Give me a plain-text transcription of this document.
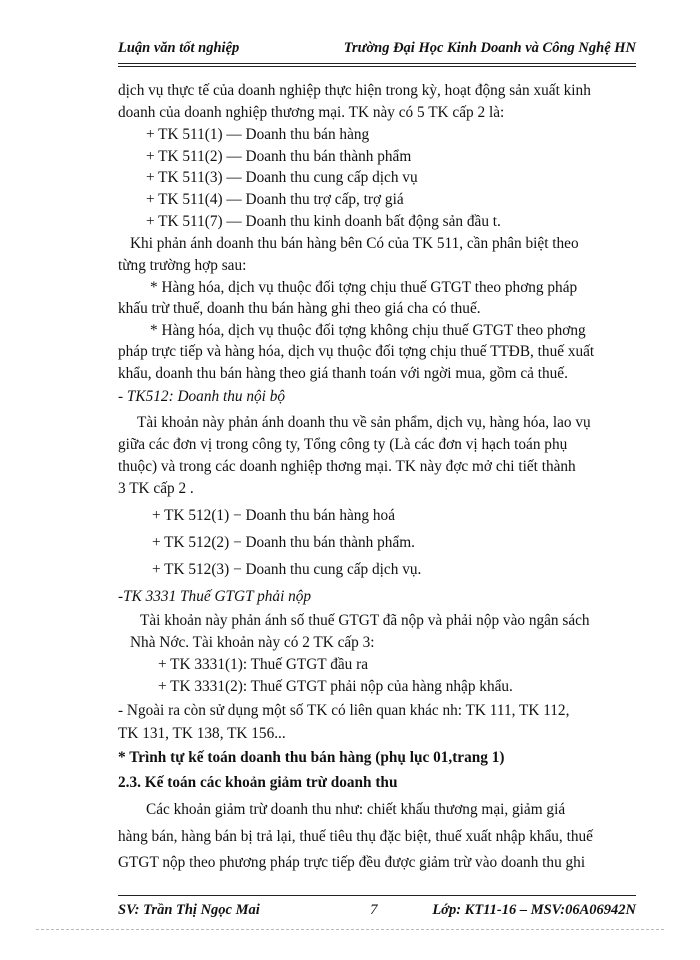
Luận văn tốt nghiệp	Trường Đại Học Kinh Doanh và Công Nghệ HN
dịch vụ thực tế của doanh nghiệp thực hiện trong kỳ, hoạt động sản xuất kinh
doanh của doanh nghiệp thương mại. TK này có 5 TK cấp 2 là:
+ TK 511(1) — Doanh thu bán hàng
+ TK 511(2) — Doanh thu bán thành phẩm
+ TK 511(3) — Doanh thu cung cấp dịch vụ
+ TK 511(4) — Doanh thu trợ cấp, trợ giá
+ TK 511(7) — Doanh thu kinh doanh bất động sản đầu t.
Khi phản ánh doanh thu bán hàng bên Có của TK 511, cần phân biệt theo
từng trường hợp sau:
* Hàng hóa, dịch vụ thuộc đối tợng chịu thuế GTGT theo phơng pháp
khấu trừ thuế, doanh thu bán hàng ghi theo giá cha có thuế.
* Hàng hóa, dịch vụ thuộc đối tợng không chịu thuế GTGT theo phơng
pháp trực tiếp và hàng hóa, dịch vụ thuộc đối tợng chịu thuế TTĐB, thuế xuất
khẩu, doanh thu bán hàng theo giá thanh toán với ngời mua, gồm cả thuế.
- TK512: Doanh thu nội bộ
Tài khoản này phản ánh doanh thu về sản phẩm, dịch vụ, hàng hóa, lao vụ
giữa các đơn vị trong công ty, Tổng công ty (Là các đơn vị hạch toán phụ
thuộc) và trong các doanh nghiệp thơng mại. TK này đợc mở chi tiết thành
3 TK cấp 2 .
+ TK 512(1) − Doanh thu bán hàng hoá
+ TK 512(2) − Doanh thu bán thành phẩm.
+ TK 512(3) − Doanh thu cung cấp dịch vụ.
-TK 3331 Thuế GTGT phải nộp
Tài khoản này phản ánh số thuế GTGT đã nộp và phải nộp vào ngân sách
Nhà Nớc. Tài khoản này có 2 TK cấp 3:
+ TK 3331(1): Thuế GTGT đầu ra
+ TK 3331(2): Thuế GTGT phải nộp của hàng nhập khẩu.
- Ngoài ra còn sử dụng một số TK có liên quan khác nh: TK 111, TK 112,
TK 131, TK 138, TK 156...
* Trình tự kế toán doanh thu bán hàng (phụ lục 01,trang 1)
2.3. Kế toán các khoản giảm trừ doanh thu
Các khoản giảm trừ doanh thu như: chiết khấu thương mại, giảm giá
hàng bán, hàng bán bị trả lại, thuế tiêu thụ đặc biệt, thuế xuất nhập khẩu, thuế
GTGT nộp theo phương pháp trực tiếp đều được giảm trừ vào doanh thu ghi
SV: Trần Thị Ngọc Mai	7	Lớp: KT11-16 – MSV:06A06942N
